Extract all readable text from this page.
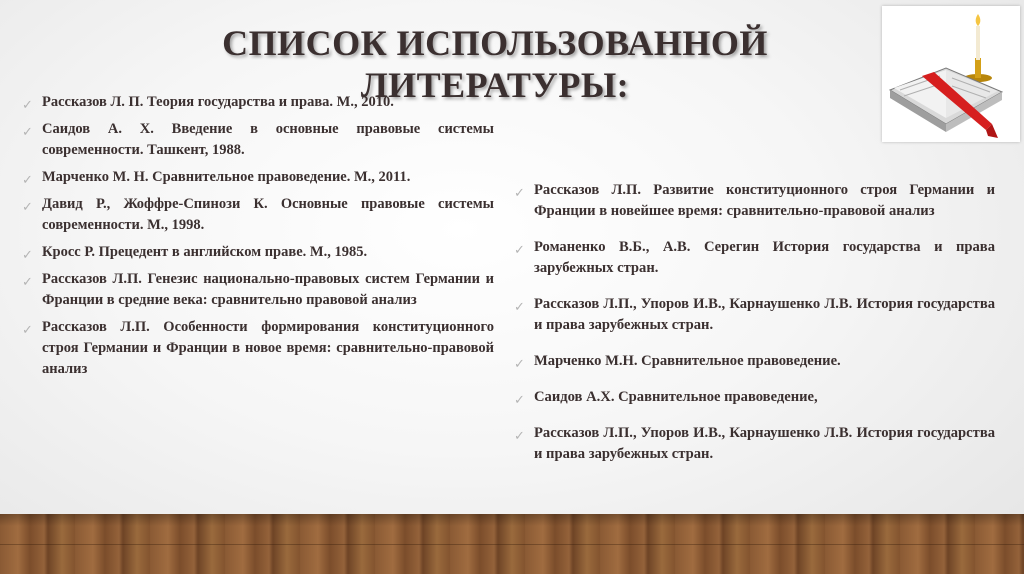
СПИСОК ИСПОЛЬЗОВАННОЙ ЛИТЕРАТУРЫ:
✓ Рассказов Л. П. Теория государства и права. М., 2010.
✓ Саидов А. Х. Введение в основные правовые системы современности. Ташкент, 1988.
✓ Марченко М. Н. Сравнительное правоведение. М., 2011.
✓ Давид Р., Жоффре-Спинози К. Основные правовые системы современности. М., 1998.
✓ Кросс Р. Прецедент в английском праве. М., 1985.
✓ Рассказов Л.П. Генезис национально-правовых систем Германии и Франции в средние века: сравнительно правовой анализ
✓ Рассказов Л.П. Особенности формирования конституционного строя Германии и Франции в новое время: сравнительно-правовой анализ
✓ Рассказов Л.П. Развитие конституционного строя Германии и Франции в новейшее время: сравнительно-правовой анализ
✓ Романенко В.Б., А.В. Серегин История государства и права зарубежных стран.
✓ Рассказов Л.П., Упоров И.В., Карнаушенко Л.В. История государства и права зарубежных стран.
✓ Марченко М.Н. Сравнительное правоведение.
✓ Саидов А.Х. Сравнительное правоведение,
✓ Рассказов Л.П., Упоров И.В., Карнаушенко Л.В. История государства и права зарубежных стран.
